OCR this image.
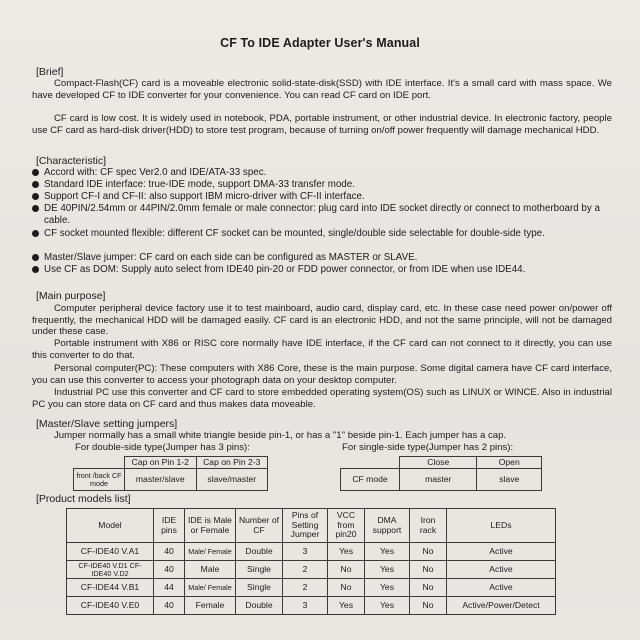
CF To IDE Adapter User's Manual
[Brief]
Compact-Flash(CF) card is a moveable electronic solid-state-disk(SSD) with IDE interface. It's a small card with mass space. We have developed CF to IDE converter for your convenience. You can read CF card on IDE port.
CF card is low cost. It is widely used in notebook, PDA, portable instrument, or other industrial device. In electronic factory, people use CF card as hard-disk driver(HDD) to store test program, because of turning on/off power frequently will damage mechanical HDD.
[Characteristic]
Accord with: CF spec Ver2.0 and IDE/ATA-33 spec.
Standard IDE interface: true-IDE mode, support DMA-33 transfer mode.
Support CF-I and CF-II: also support IBM micro-driver with CF-II interface.
DE 40PIN/2.54mm or 44PIN/2.0mm female or male connector: plug card into IDE socket directly or connect to motherboard by a cable.
CF socket mounted flexible: different CF socket can be mounted, single/double side selectable for double-side type.
Master/Slave jumper: CF card on each side can be configured as MASTER or SLAVE.
Use CF as DOM: Supply auto select from IDE40 pin-20 or FDD power connector, or from IDE when use IDE44.
[Main purpose]
Computer peripheral device factory use it to test mainboard, audio card, display card, etc. In these case need power on/power off frequently, the mechanical HDD will be damaged easily. CF card is an electronic HDD, and not the same principle, will not be damaged under these case.
Portable instrument with X86 or RISC core normally have IDE interface, if the CF card can not connect to it directly, you can use this converter to do that.
Personal computer(PC): These computers with X86 Core, these is the main purpose. Some digital camera have CF card interface, you can use this converter to access your photograph data on your desktop computer.
Industrial PC use this converter and CF card to store embedded operating system(OS) such as LINUX or WINCE. Also in industrial PC you can store data on CF card and thus makes data moveable.
[Master/Slave setting jumpers]
Jumper normally has a small white triangle beside pin-1, or has a "1" beside pin-1. Each jumper has a cap.
For double-side type(Jumper has 3 pins):	For single-side type(Jumper has 2 pins):
	Cap on Pin 1-2	Cap on Pin 2-3
front /back CF mode	master/slave	slave/master
	Close	Open
CF mode	master	slave
[Product models list]
Model	IDE pins	IDE is Male or Female	Number of CF	Pins of Setting Jumper	VCC from pin20	DMA support	Iron rack	LEDs
CF-IDE40 V.A1	40	Male/ Female	Double	3	Yes	Yes	No	Active
CF-IDE40 V.D1 CF-IDE40 V.D2	40	Male	Single	2	No	Yes	No	Active
CF-IDE44 V.B1	44	Male/ Female	Single	2	No	Yes	No	Active
CF-IDE40 V.E0	40	Female	Double	3	Yes	Yes	No	Active/Power/Detect
